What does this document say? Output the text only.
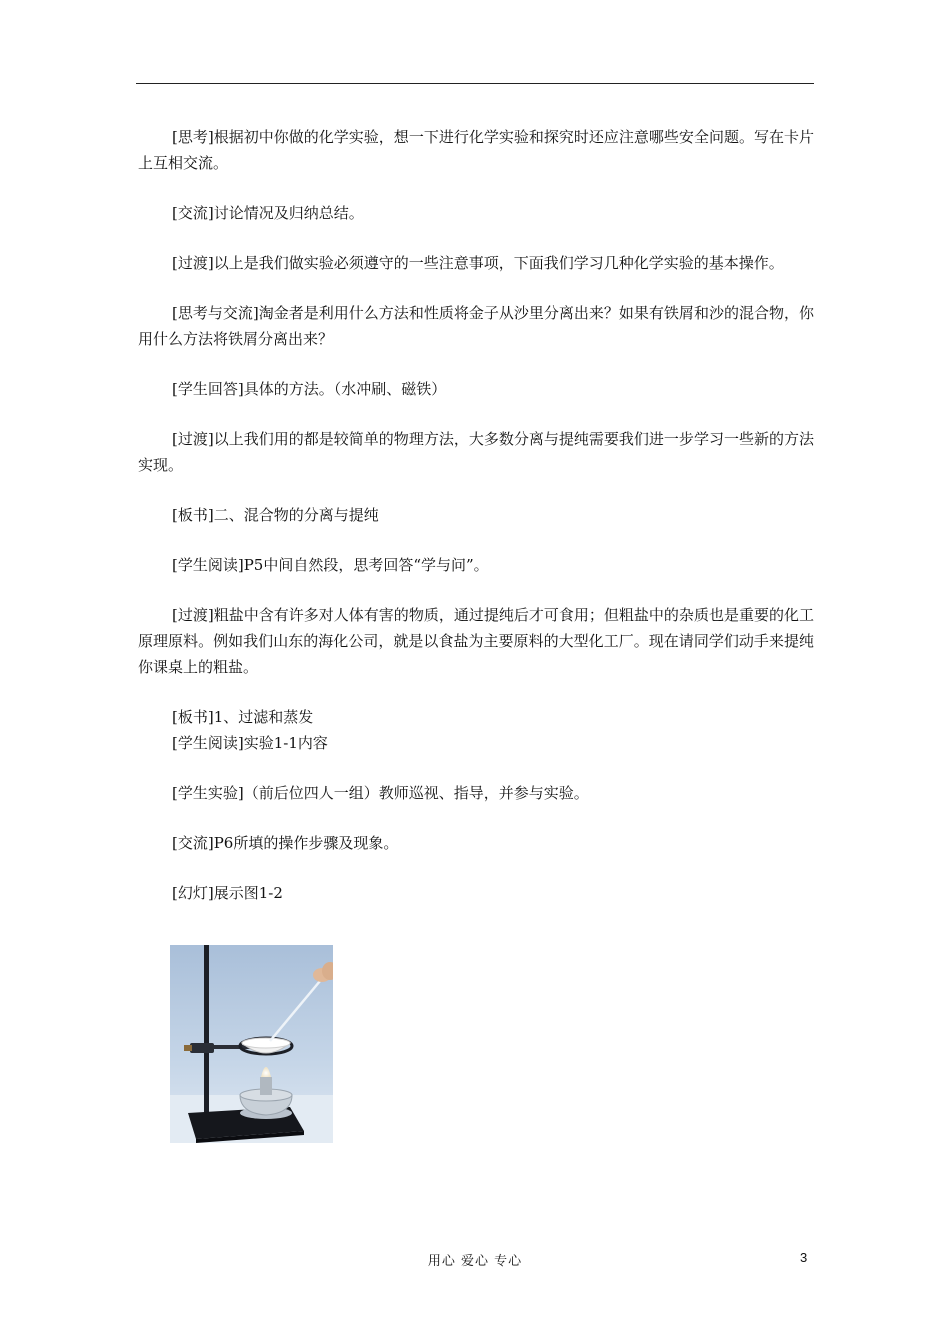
[思考]根据初中你做的化学实验，想一下进行化学实验和探究时还应注意哪些安全问题。写在卡片上互相交流。

[交流]讨论情况及归纳总结。

[过渡]以上是我们做实验必须遵守的一些注意事项，下面我们学习几种化学实验的基本操作。

[思考与交流]淘金者是利用什么方法和性质将金子从沙里分离出来？如果有铁屑和沙的混合物，你用什么方法将铁屑分离出来？

[学生回答]具体的方法。（水冲刷、磁铁）

[过渡]以上我们用的都是较简单的物理方法，大多数分离与提纯需要我们进一步学习一些新的方法实现。

[板书]二、混合物的分离与提纯

[学生阅读]P5中间自然段，思考回答“学与问”。

[过渡]粗盐中含有许多对人体有害的物质，通过提纯后才可食用；但粗盐中的杂质也是重要的化工原理原料。例如我们山东的海化公司，就是以食盐为主要原料的大型化工厂。现在请同学们动手来提纯你课桌上的粗盐。

[板书]1、过滤和蒸发

[学生阅读]实验1-1内容

[学生实验]（前后位四人一组）教师巡视、指导，并参与实验。

[交流]P6所填的操作步骤及现象。

[幻灯]展示图1-2

用心 爱心 专心	3
